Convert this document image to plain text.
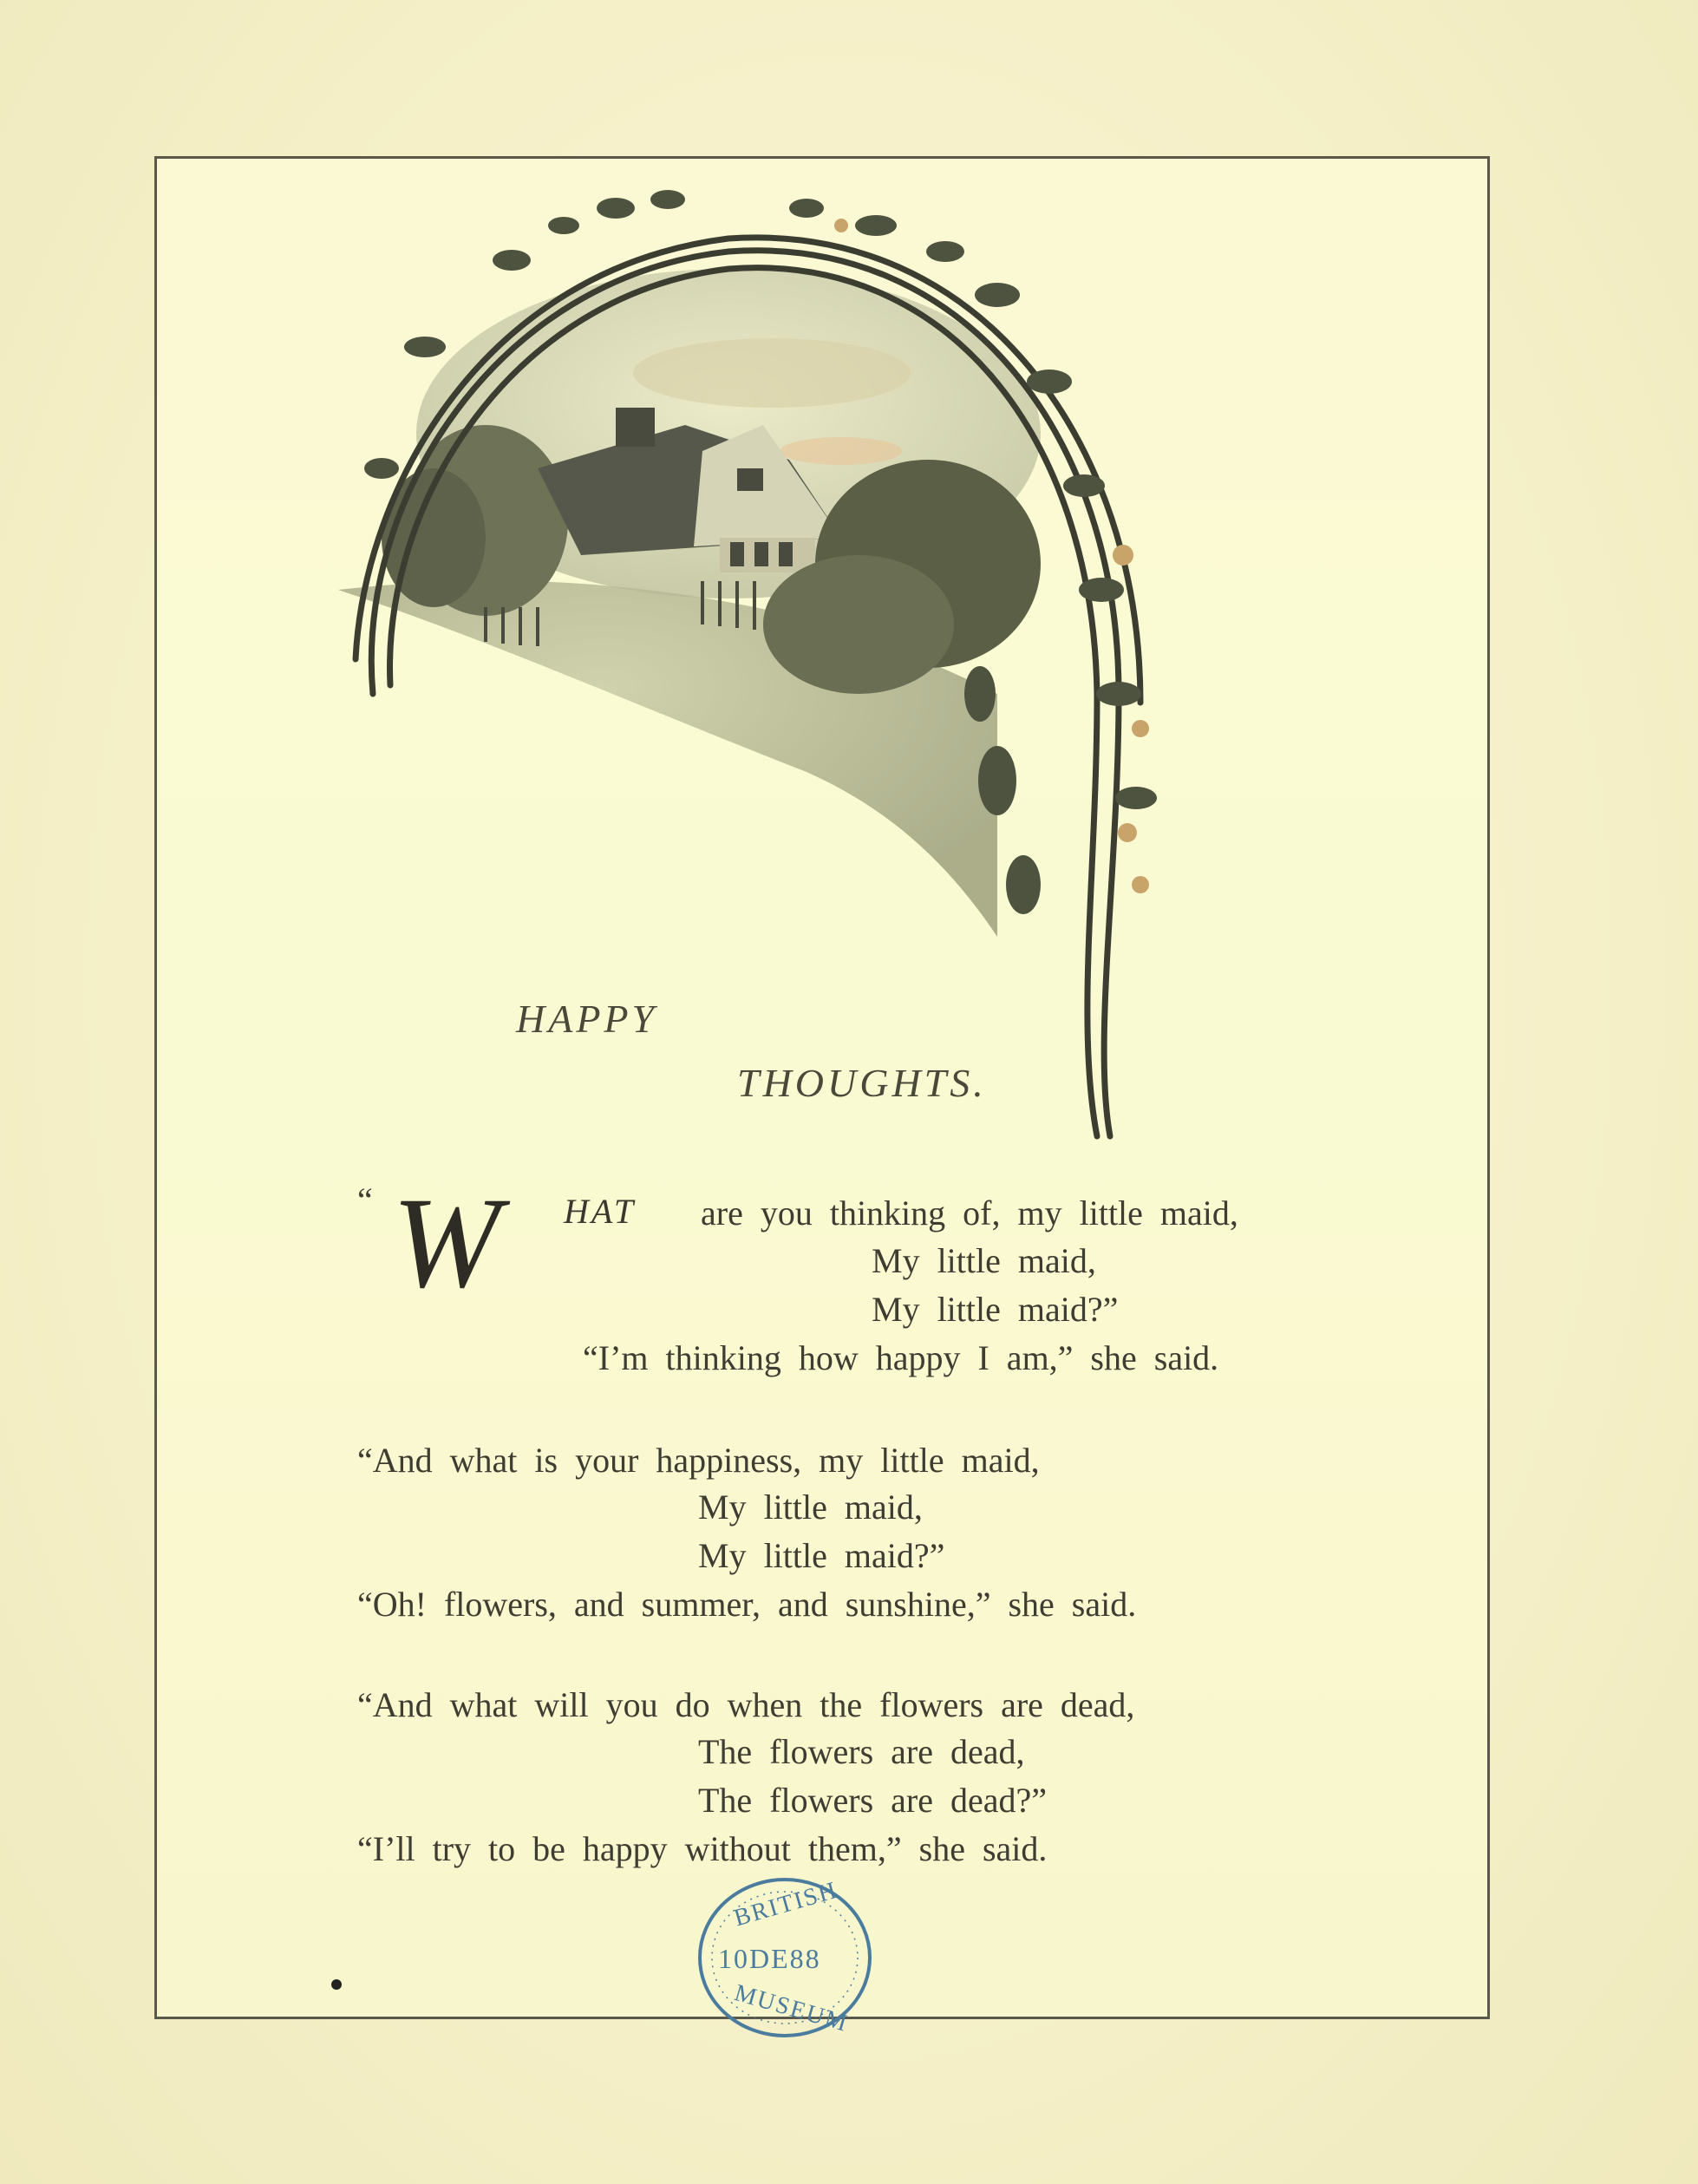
HAPPY
THOUGHTS.
“ W HAT are you thinking of, my little maid,
My little maid,
My little maid?”
“I’m thinking how happy I am,” she said.
“And what is your happiness, my little maid,
My little maid,
My little maid?”
“Oh! flowers, and summer, and sunshine,” she said.
“And what will you do when the flowers are dead,
The flowers are dead,
The flowers are dead?”
“I’ll try to be happy without them,” she said.
BRITISH
10DE88
MUSEUM
